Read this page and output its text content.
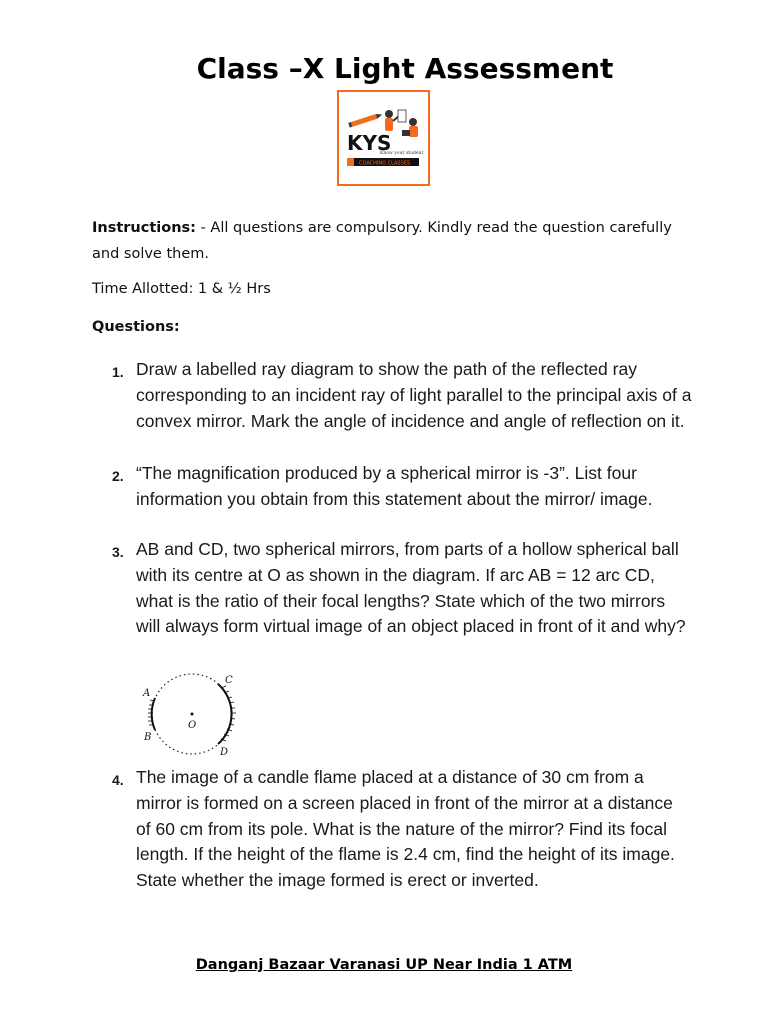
Class –X Light Assessment
KYS
Know your student
COACHING CLASSES
Instructions: - All questions are compulsory. Kindly read the question carefully and solve them.
Time Allotted: 1 & ½ Hrs
Questions:
1. Draw a labelled ray diagram to show the path of the reflected ray corresponding to an incident ray of light parallel to the principal axis of a convex mirror. Mark the angle of incidence and angle of reflection on it.
2. “The magnification produced by a spherical mirror is -3”. List four information you obtain from this statement about the mirror/ image.
3. AB and CD, two spherical mirrors, from parts of a hollow spherical ball with its centre at O as shown in the diagram. If arc AB = 12 arc CD, what is the ratio of their focal lengths? State which of the two mirrors will always form virtual image of an object placed in front of it and why?
O
A
B
C
D
4. The image of a candle flame placed at a distance of 30 cm from a mirror is formed on a screen placed in front of the mirror at a distance of 60 cm from its pole. What is the nature of the mirror? Find its focal length. If the height of the flame is 2.4 cm, find the height of its image. State whether the image formed is erect or inverted.
Danganj Bazaar Varanasi UP Near India 1 ATM
